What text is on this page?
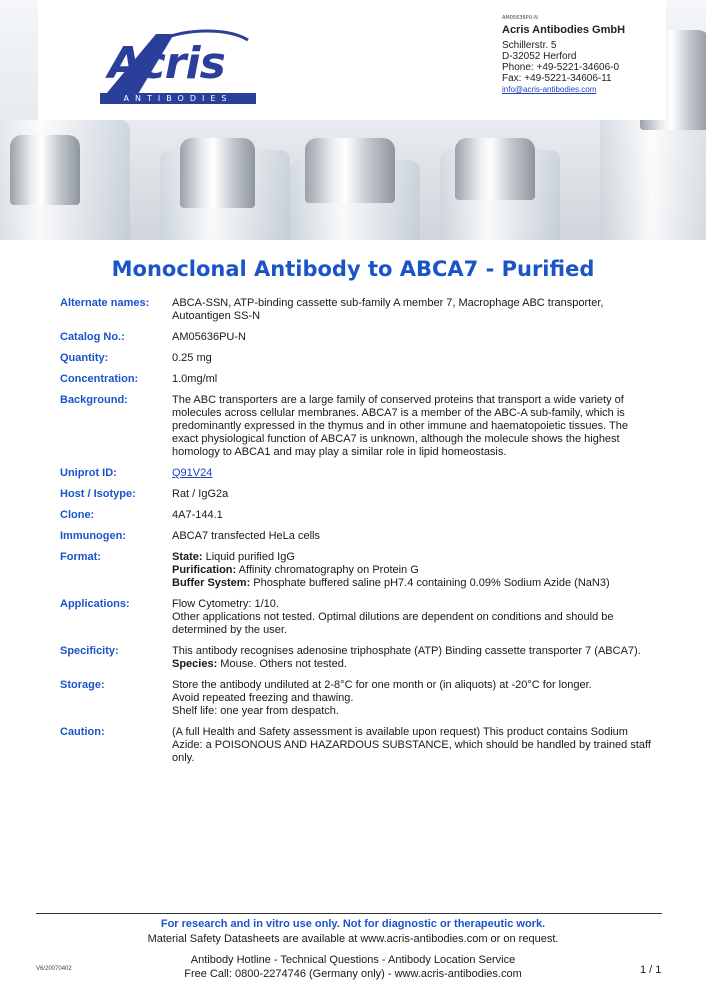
Acris
ANTIBODIES
AM05636PU-N
Acris Antibodies GmbH
Schillerstr. 5
D-32052 Herford
Phone: +49-5221-34606-0
Fax: +49-5221-34606-11
info@acris-antibodies.com
Monoclonal Antibody to ABCA7 - Purified
Alternate names:	ABCA-SSN, ATP-binding cassette sub-family A member 7, Macrophage ABC transporter,
Autoantigen SS-N
Catalog No.:	AM05636PU-N
Quantity:	0.25 mg
Concentration:	1.0mg/ml
Background:	The ABC transporters are a large family of conserved proteins that transport a wide variety of
molecules across cellular membranes. ABCA7 is a member of the ABC-A sub-family, which is
predominantly expressed in the thymus and in other immune and haematopoietic tissues. The
exact physiological function of ABCA7 is unknown, although the molecule shows the highest
homology to ABCA1 and may play a similar role in lipid homeostasis.
Uniprot ID:	Q91V24
Host / Isotype:	Rat / IgG2a
Clone:	4A7-144.1
Immunogen:	ABCA7 transfected HeLa cells
Format:	State: Liquid purified IgG
Purification: Affinity chromatography on Protein G
Buffer System: Phosphate buffered saline pH7.4 containing 0.09% Sodium Azide (NaN3)
Applications:	Flow Cytometry: 1/10.
Other applications not tested. Optimal dilutions are dependent on conditions and should be
determined by the user.
Specificity:	This antibody recognises adenosine triphosphate (ATP) Binding cassette transporter 7 (ABCA7).
Species: Mouse. Others not tested.
Storage:	Store the antibody undiluted at 2-8°C for one month or (in aliquots) at -20°C for longer.
Avoid repeated freezing and thawing.
Shelf life: one year from despatch.
Caution:	(A full Health and Safety assessment is available upon request) This product contains Sodium
Azide: a POISONOUS AND HAZARDOUS SUBSTANCE, which should be handled by trained staff
only.
For research and in vitro use only. Not for diagnostic or therapeutic work.
Material Safety Datasheets are available at www.acris-antibodies.com or on request.
Antibody Hotline - Technical Questions - Antibody Location Service
Free Call: 0800-2274746 (Germany only) - www.acris-antibodies.com
V6/20070402	1 / 1
